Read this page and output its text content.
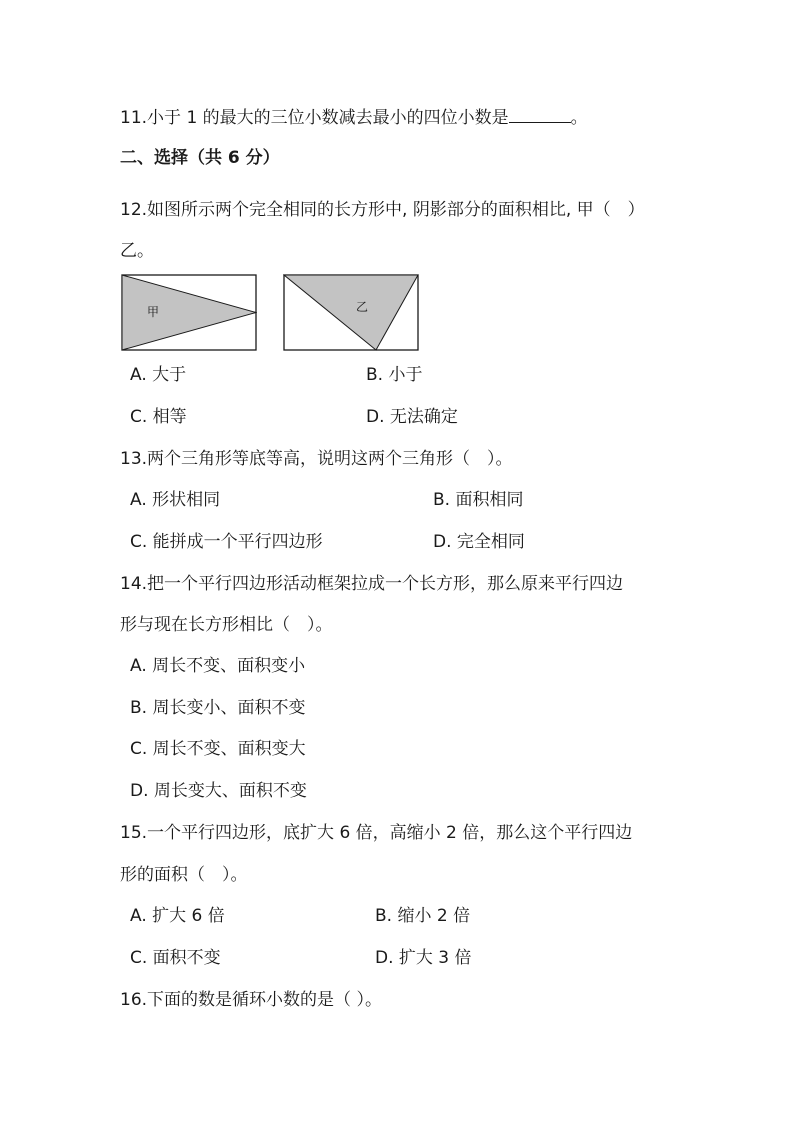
11.小于 1 的最大的三位小数减去最小的四位小数是	。

二、选择（共 6 分）

12.如图所示两个完全相同的长方形中, 阴影部分的面积相比, 甲（　）

乙。

甲	乙

A. 大于	B. 小于

C. 相等	D. 无法确定

13.两个三角形等底等高，说明这两个三角形（　）。

A. 形状相同	B. 面积相同

C. 能拼成一个平行四边形	D. 完全相同

14.把一个平行四边形活动框架拉成一个长方形，那么原来平行四边

形与现在长方形相比（　）。

A. 周长不变、面积变小

B. 周长变小、面积不变

C. 周长不变、面积变大

D. 周长变大、面积不变

15.一个平行四边形，底扩大 6 倍，高缩小 2 倍，那么这个平行四边

形的面积（　）。

A. 扩大 6 倍	B. 缩小 2 倍

C. 面积不变	D. 扩大 3 倍

16.下面的数是循环小数的是（ ）。
